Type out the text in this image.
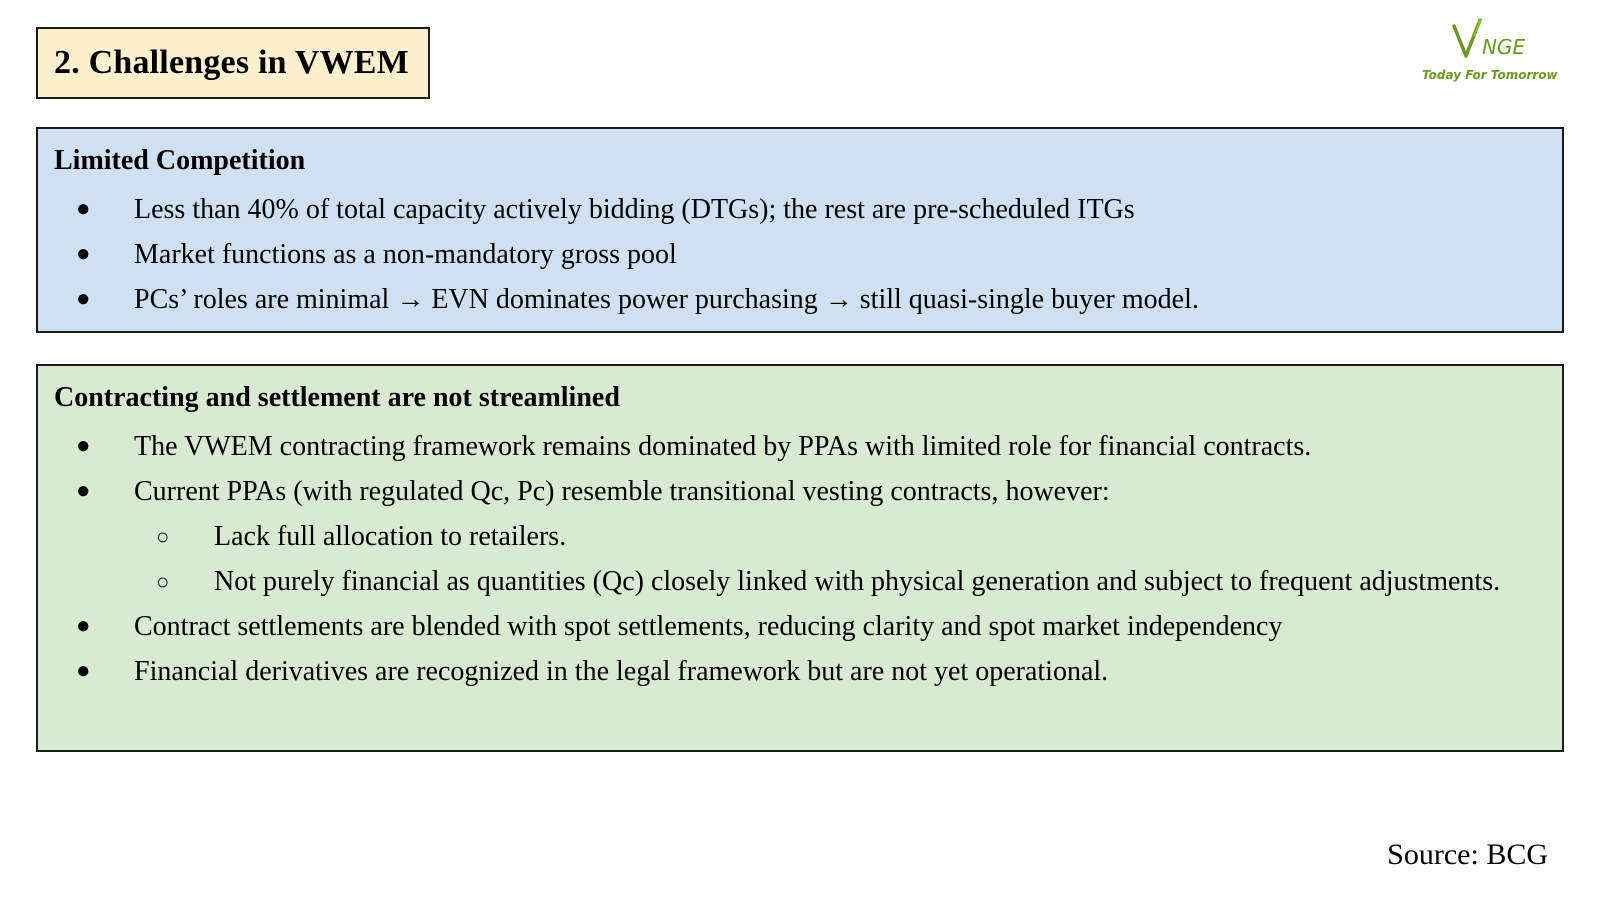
2. Challenges in VWEM	NGE
Today For Tomorrow
Limited Competition
● Less than 40% of total capacity actively bidding (DTGs); the rest are pre-scheduled ITGs
● Market functions as a non-mandatory gross pool
● PCs’ roles are minimal → EVN dominates power purchasing → still quasi-single buyer model.
Contracting and settlement are not streamlined
● The VWEM contracting framework remains dominated by PPAs with limited role for financial contracts.
● Current PPAs (with regulated Qc, Pc) resemble transitional vesting contracts, however:
○ Lack full allocation to retailers.
○ Not purely financial as quantities (Qc) closely linked with physical generation and subject to frequent adjustments.
● Contract settlements are blended with spot settlements, reducing clarity and spot market independency
● Financial derivatives are recognized in the legal framework but are not yet operational.
Source: BCG
